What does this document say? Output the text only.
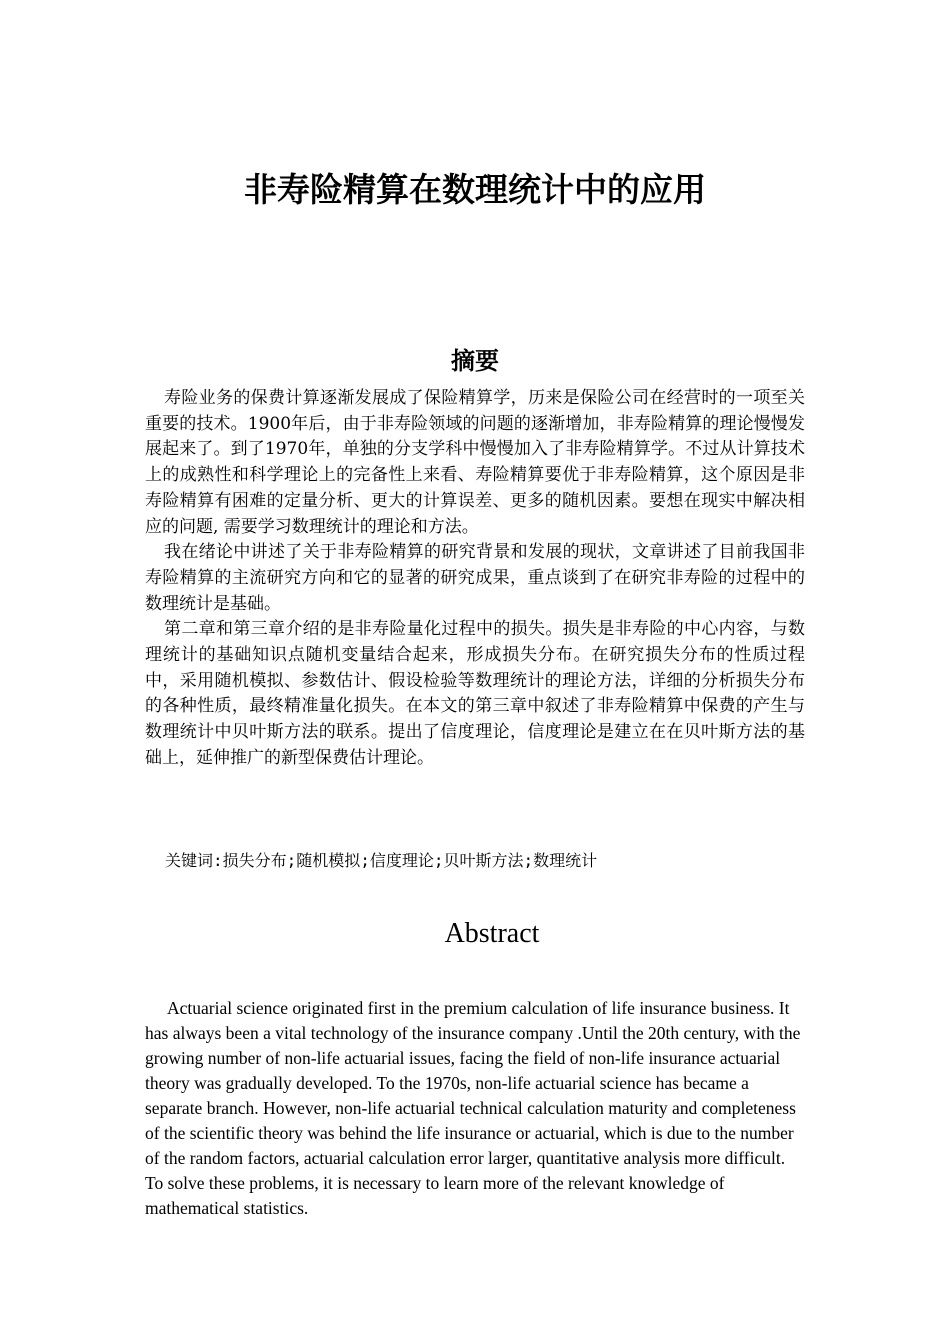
非寿险精算在数理统计中的应用
摘要

寿险业务的保费计算逐渐发展成了保险精算学，历来是保险公司在经营时的一项至关重要的技术。1900年后，由于非寿险领域的问题的逐渐增加，非寿险精算的理论慢慢发展起来了。到了1970年，单独的分支学科中慢慢加入了非寿险精算学。不过从计算技术上的成熟性和科学理论上的完备性上来看、寿险精算要优于非寿险精算，这个原因是非寿险精算有困难的定量分析、更大的计算误差、更多的随机因素。要想在现实中解决相应的问题, 需要学习数理统计的理论和方法。

我在绪论中讲述了关于非寿险精算的研究背景和发展的现状，文章讲述了目前我国非寿险精算的主流研究方向和它的显著的研究成果，重点谈到了在研究非寿险的过程中的数理统计是基础。

第二章和第三章介绍的是非寿险量化过程中的损失。损失是非寿险的中心内容，与数理统计的基础知识点随机变量结合起来，形成损失分布。在研究损失分布的性质过程中，采用随机模拟、参数估计、假设检验等数理统计的理论方法，详细的分析损失分布的各种性质，最终精准量化损失。在本文的第三章中叙述了非寿险精算中保费的产生与数理统计中贝叶斯方法的联系。提出了信度理论，信度理论是建立在在贝叶斯方法的基础上，延伸推广的新型保费估计理论。

关键词:损失分布;随机模拟;信度理论;贝叶斯方法;数理统计

Abstract

Actuarial science originated first in the premium calculation of life insurance business. It has always been a vital technology of the insurance company .Until the 20th century, with the growing number of non-life actuarial issues, facing the field of non-life insurance actuarial theory was gradually developed. To the 1970s, non-life actuarial science has became a separate branch. However, non-life actuarial technical calculation maturity and completeness of the scientific theory was behind the life insurance or actuarial, which is due to the number of the random factors, actuarial calculation error larger, quantitative analysis more difficult. To solve these problems, it is necessary to learn more of the relevant knowledge of mathematical statistics.
